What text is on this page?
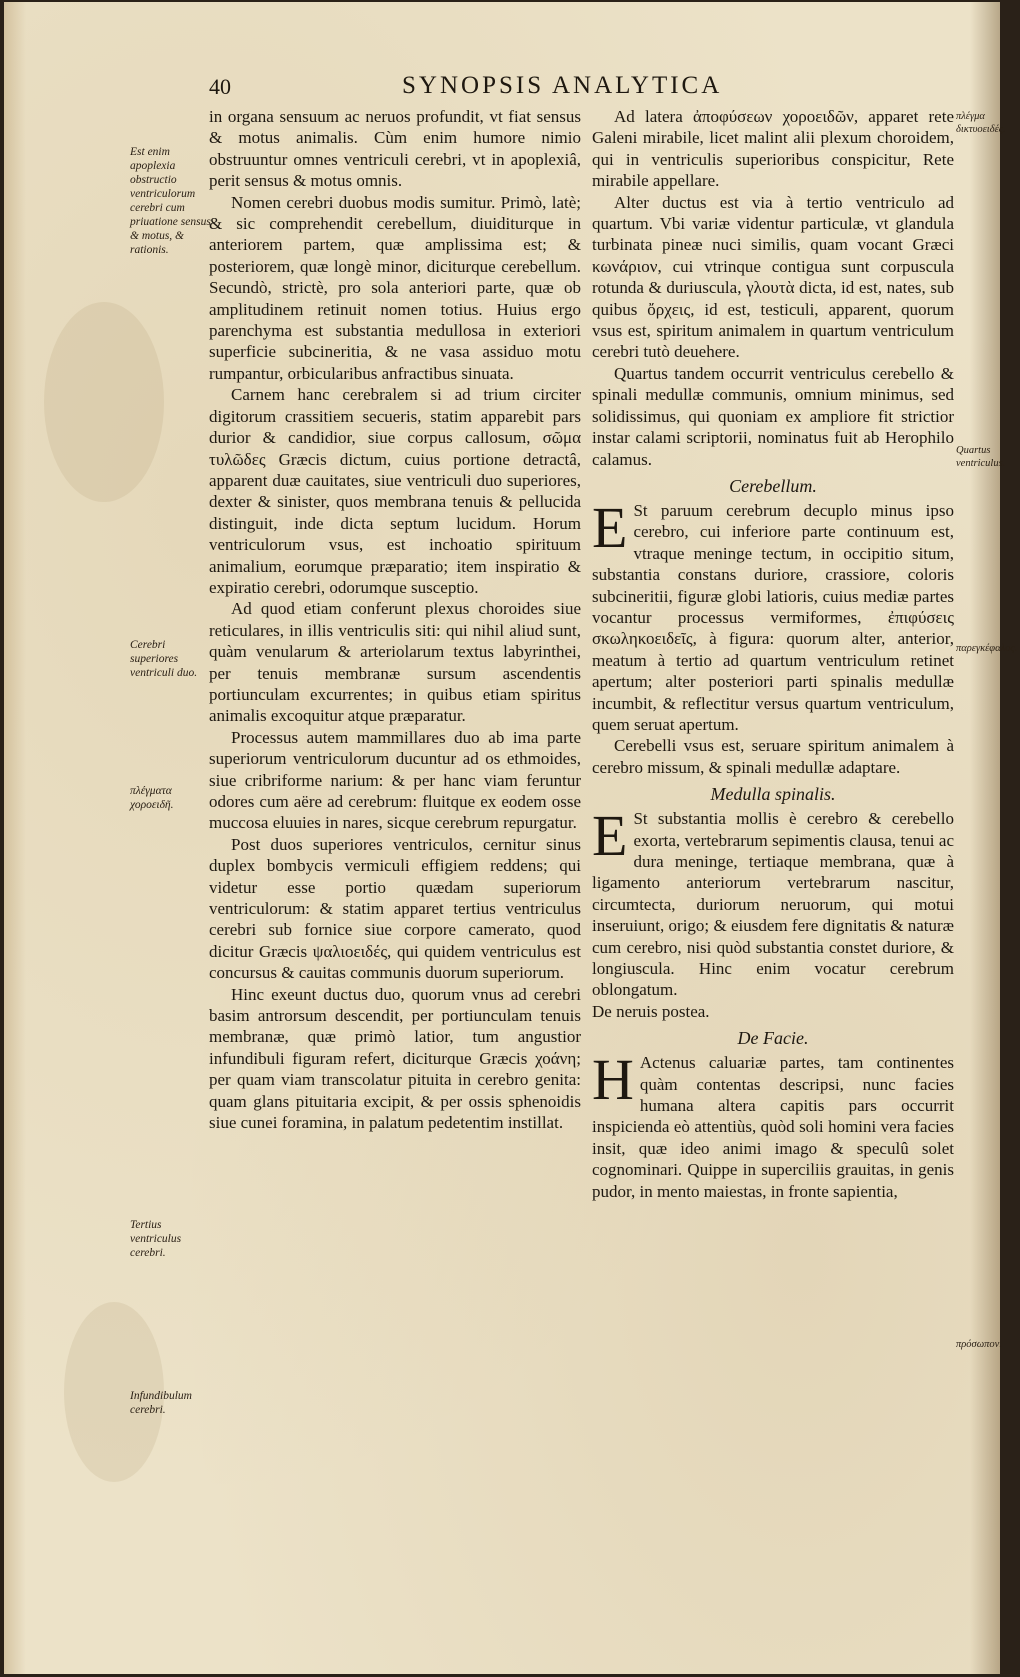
40	SYNOPSIS ANALYTICA
Est enim apoplexia obstructio ventriculorum cerebri cum priuatione sensus & motus, & rationis.
Cerebri superiores ventriculi duo.
πλέγματα χοροειδῆ.
Tertius ventriculus cerebri.
Infundibulum cerebri.
πλέγμα δικτυοειδές.
Quartus ventriculus.
παρεγκέφαλος.
πρόσωπον.

in organa sensuum ac neruos profundit, vt fiat sensus & motus animalis. Cùm enim humore nimio obstruuntur omnes ventriculi cerebri, vt in apoplexiâ, perit sensus & motus omnis.

Nomen cerebri duobus modis sumitur. Primò, latè; & sic comprehendit cerebellum, diuiditurque in anteriorem partem, quæ amplissima est; & posteriorem, quæ longè minor, diciturque cerebellum. Secundò, strictè, pro sola anteriori parte, quæ ob amplitudinem retinuit nomen totius. Huius ergo parenchyma est substantia medullosa in exteriori superficie subcineritia, & ne vasa assiduo motu rumpantur, orbicularibus anfractibus sinuata.

Carnem hanc cerebralem si ad trium circiter digitorum crassitiem secueris, statim apparebit pars durior & candidior, siue corpus callosum, σῶμα τυλῶδες Græcis dictum, cuius portione detractâ, apparent duæ cauitates, siue ventriculi duo superiores, dexter & sinister, quos membrana tenuis & pellucida distinguit, inde dicta septum lucidum. Horum ventriculorum vsus, est inchoatio spirituum animalium, eorumque præparatio; item inspiratio & expiratio cerebri, odorumque susceptio.

Ad quod etiam conferunt plexus choroides siue reticulares, in illis ventriculis siti: qui nihil aliud sunt, quàm venularum & arteriolarum textus labyrinthei, per tenuis membranæ sursum ascendentis portiunculam excurrentes; in quibus etiam spiritus animalis excoquitur atque præparatur.

Processus autem mammillares duo ab ima parte superiorum ventriculorum ducuntur ad os ethmoides, siue cribriforme narium: & per hanc viam feruntur odores cum aëre ad cerebrum: fluitque ex eodem osse muccosa eluuies in nares, sicque cerebrum repurgatur.

Post duos superiores ventriculos, cernitur sinus duplex bombycis vermiculi effigiem reddens; qui videtur esse portio quædam superiorum ventriculorum: & statim apparet tertius ventriculus cerebri sub fornice siue corpore camerato, quod dicitur Græcis ψαλιοειδές, qui quidem ventriculus est concursus & cauitas communis duorum superiorum.

Hinc exeunt ductus duo, quorum vnus ad cerebri basim antrorsum descendit, per portiunculam tenuis membranæ, quæ primò latior, tum angustior infundibuli figuram refert, diciturque Græcis χοάνη; per quam viam transcolatur pituita in cerebro genita: quam glans pituitaria excipit, & per ossis sphenoidis siue cunei foramina, in palatum pedetentim instillat.

Ad latera ἀποφύσεων χοροειδῶν, apparet rete Galeni mirabile, licet malint alii plexum choroidem, qui in ventriculis superioribus conspicitur, Rete mirabile appellare.

Alter ductus est via à tertio ventriculo ad quartum. Vbi variæ videntur particulæ, vt glandula turbinata pineæ nuci similis, quam vocant Græci κωνάριον, cui vtrinque contigua sunt corpuscula rotunda & duriuscula, γλουτὰ dicta, id est, nates, sub quibus ὄρχεις, id est, testiculi, apparent, quorum vsus est, spiritum animalem in quartum ventriculum cerebri tutò deuehere.

Quartus tandem occurrit ventriculus cerebello & spinali medullæ communis, omnium minimus, sed solidissimus, qui quoniam ex ampliore fit strictior instar calami scriptorii, nominatus fuit ab Herophilo calamus.

Cerebellum.

E St paruum cerebrum decuplo minus ipso cerebro, cui inferiore parte continuum est, vtraque meninge tectum, in occipitio situm, substantia constans duriore, crassiore, coloris subcineritii, figuræ globi latioris, cuius mediæ partes vocantur processus vermiformes, ἐπιφύσεις σκωληκοειδεῖς, à figura: quorum alter, anterior, meatum à tertio ad quartum ventriculum retinet apertum; alter posteriori parti spinalis medullæ incumbit, & reflectitur versus quartum ventriculum, quem seruat apertum.

Cerebelli vsus est, seruare spiritum animalem à cerebro missum, & spinali medullæ adaptare.

Medulla spinalis.

E St substantia mollis è cerebro & cerebello exorta, vertebrarum sepimentis clausa, tenui ac dura meninge, tertiaque membrana, quæ à ligamento anteriorum vertebrarum nascitur, circumtecta, duriorum neruorum, qui motui inseruiunt, origo; & eiusdem fere dignitatis & naturæ cum cerebro, nisi quòd substantia constet duriore, & longiuscula. Hinc enim vocatur cerebrum oblongatum.

De neruis postea.

De Facie.

H Actenus caluariæ partes, tam continentes quàm contentas descripsi, nunc facies humana altera capitis pars occurrit inspicienda eò attentiùs, quòd soli homini vera facies insit, quæ ideo animi imago & speculû solet cognominari. Quippe in superciliis grauitas, in genis pudor, in mento maiestas, in fronte sapientia,
